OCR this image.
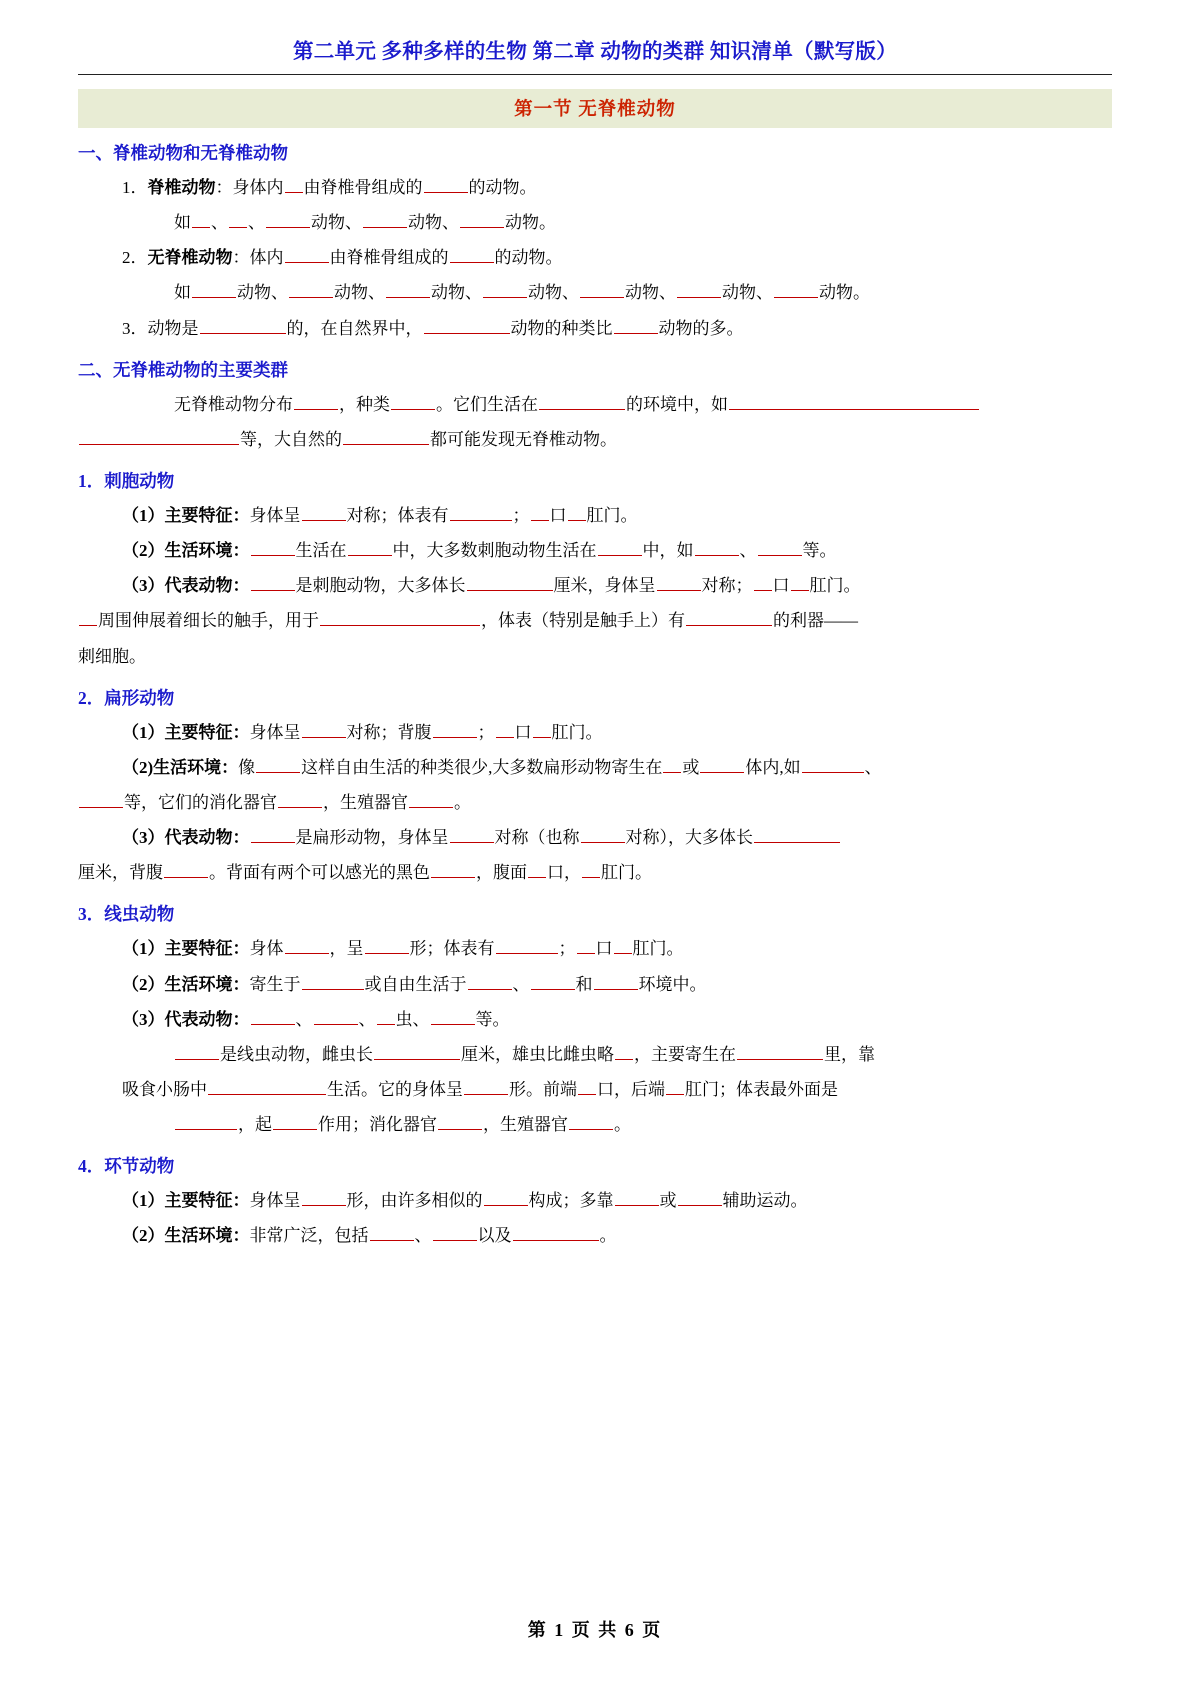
第二单元 多种多样的生物 第二章 动物的类群 知识清单（默写版）
第一节 无脊椎动物
一、脊椎动物和无脊椎动物
1．脊椎动物：身体内 由脊椎骨组成的	的动物。
如 、 、	动物、	动物、	动物。
2．无脊椎动物：体内	由脊椎骨组成的	的动物。
如	动物、	动物、	动物、	动物、	动物、	动物、	动物。
3．动物是	的，在自然界中，	动物的种类比	动物的多。
二、无脊椎动物的主要类群
无脊椎动物分布	，种类	。它们生活在	的环境中，如
等，大自然的	都可能发现无脊椎动物。
1．刺胞动物
（1）主要特征：身体呈	对称；体表有	； 口 肛门。
（2）生活环境：	生活在	中，大多数刺胞动物生活在	中，如	、	等。
（3）代表动物：	是刺胞动物，大多体长	厘米，身体呈	对称； 口 肛门。
周围伸展着细长的触手，用于	，体表（特别是触手上）有	的利器——
刺细胞。
2．扁形动物
（1）主要特征：身体呈	对称；背腹	； 口 肛门。
（2)生活环境：像	这样自由生活的种类很少,大多数扁形动物寄生在 或	体内,如	、
等，它们的消化器官	，生殖器官	。
（3）代表动物：	是扁形动物，身体呈	对称（也称	对称），大多体长
厘米，背腹	。背面有两个可以感光的黑色	，腹面 口， 肛门。
3．线虫动物
（1）主要特征：身体	，呈	形；体表有	； 口 肛门。
（2）生活环境：寄生于	或自由生活于	、	和	环境中。
（3）代表动物：	、	、 虫、	等。
是线虫动物，雌虫长	厘米，雄虫比雌虫略 ，主要寄生在	里，靠
吸食小肠中	生活。它的身体呈	形。前端 口，后端 肛门；体表最外面是
，起	作用；消化器官	，生殖器官	。
4．环节动物
（1）主要特征：身体呈	形，由许多相似的	构成；多靠	或	辅助运动。
（2）生活环境：非常广泛，包括	、	以及	。
第 1 页 共 6 页
